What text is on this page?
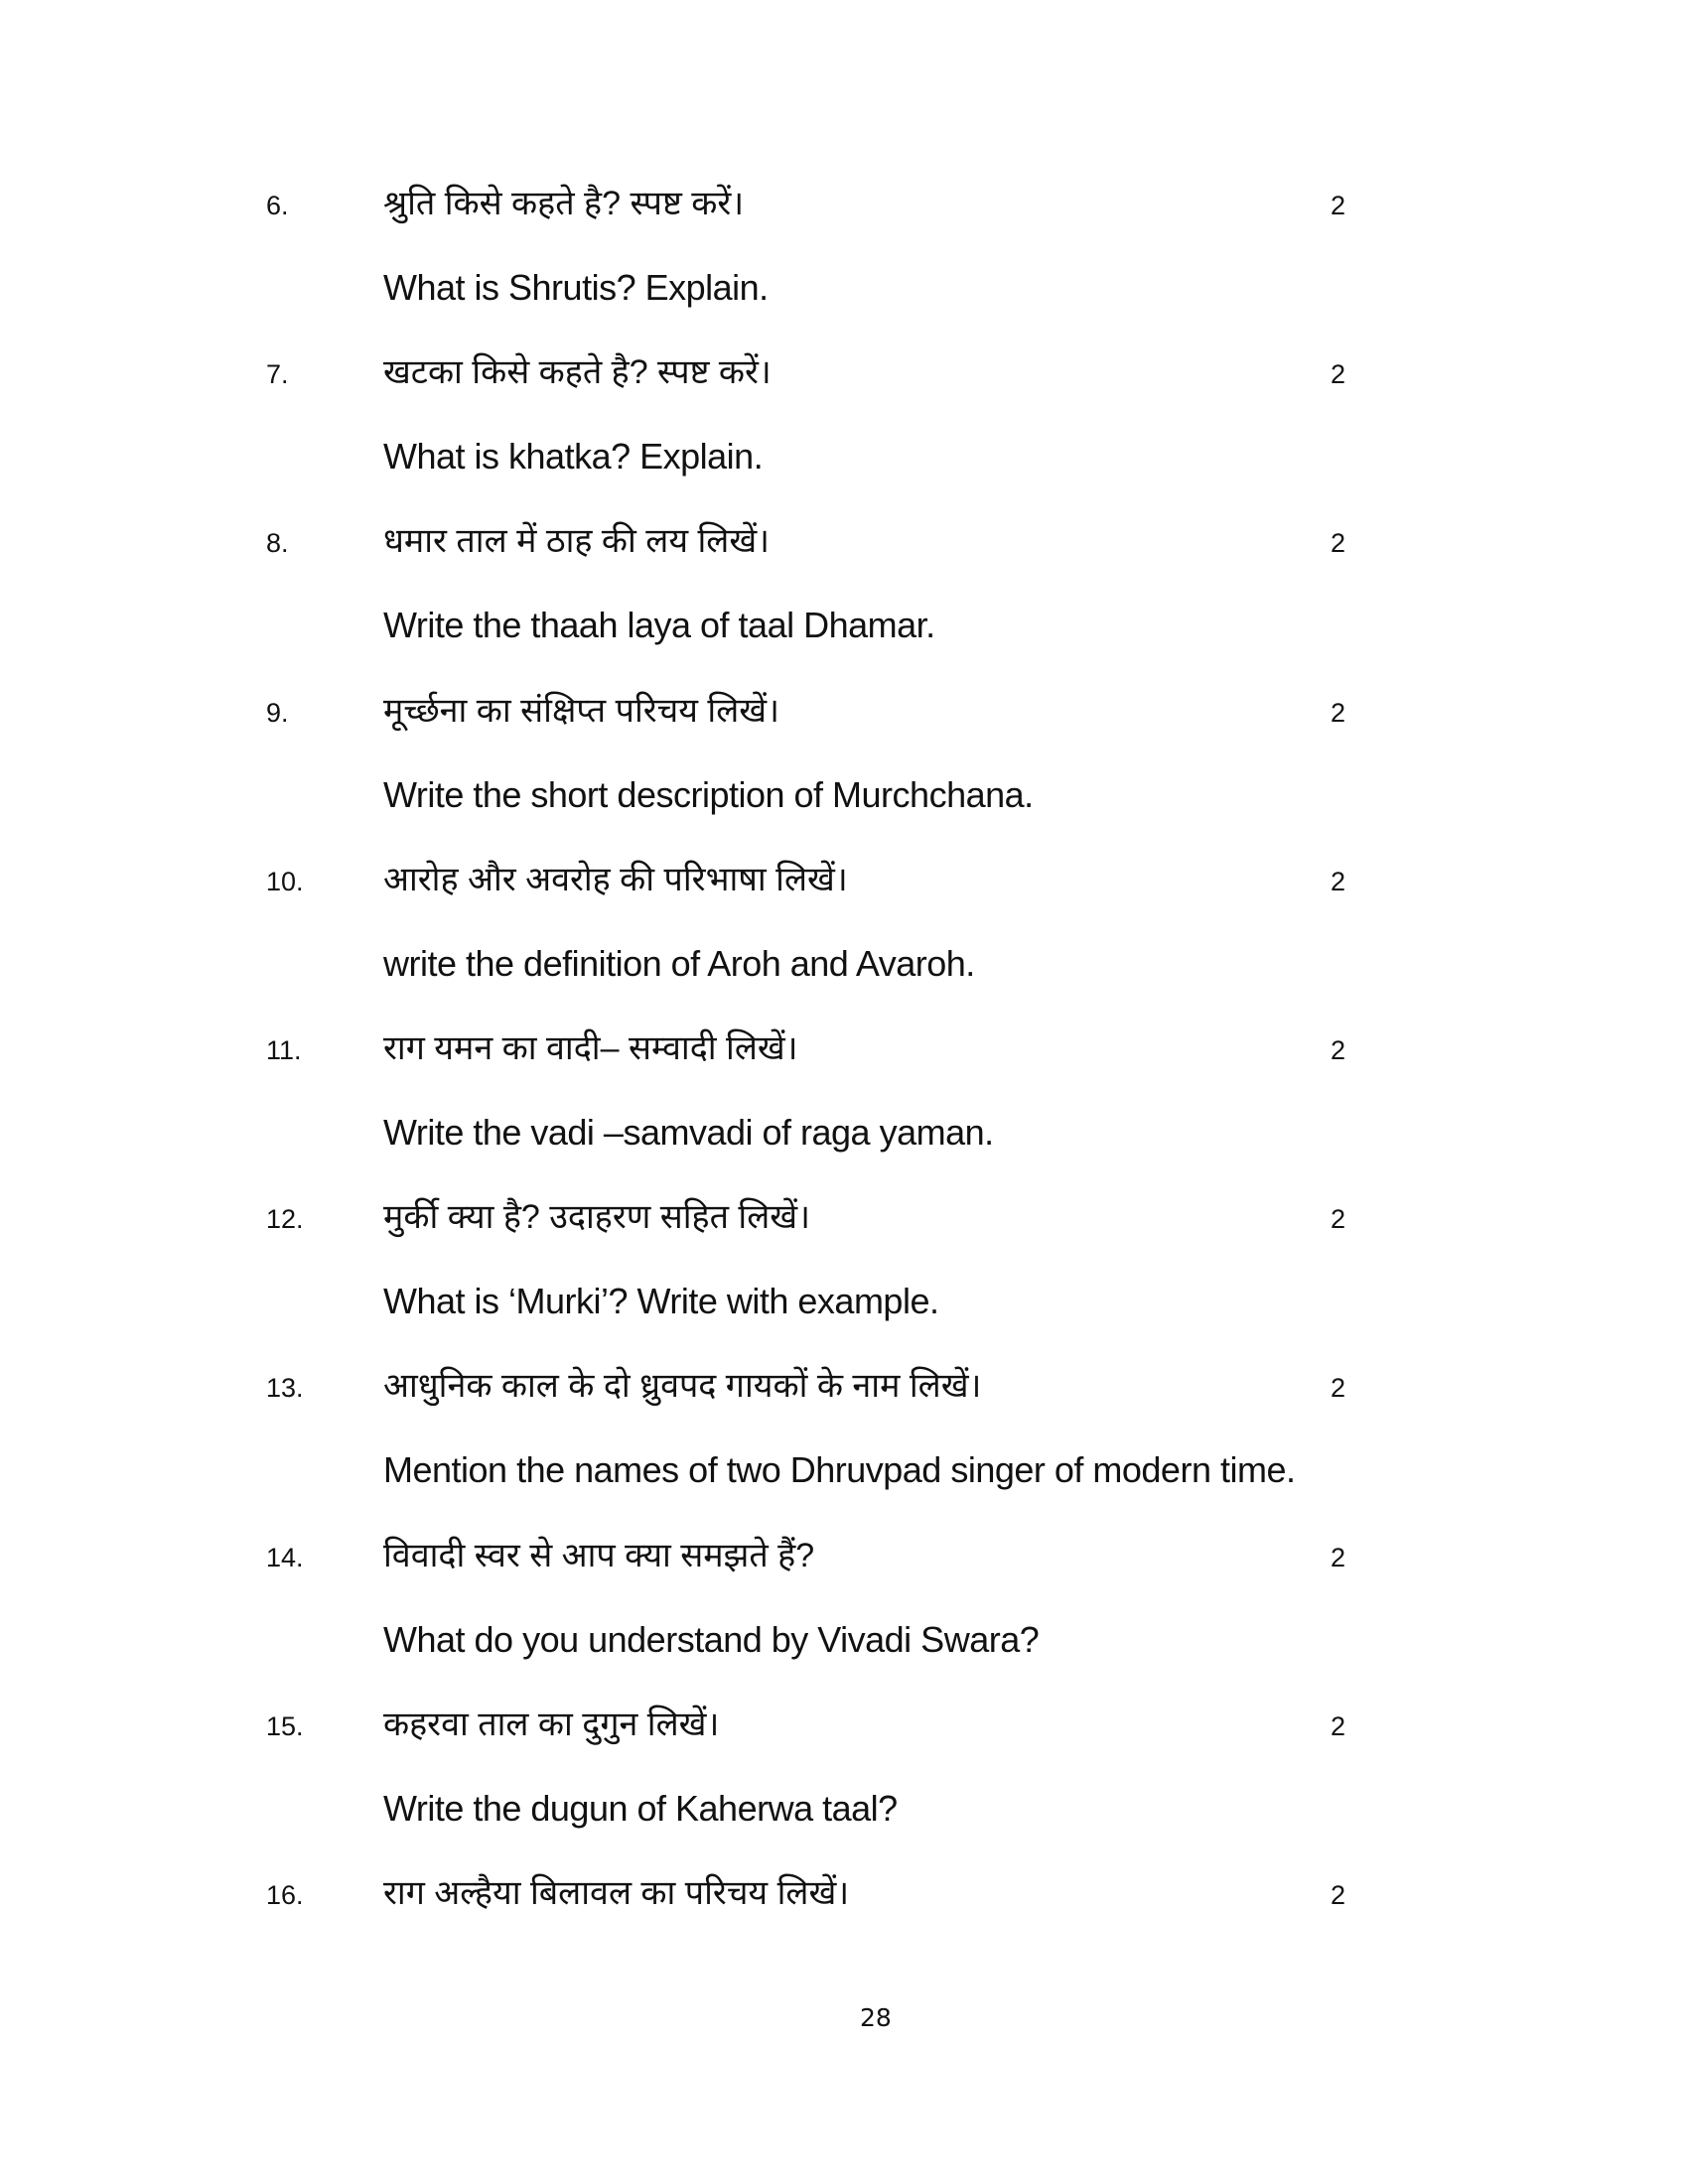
6.	श्रुति किसे कहते है? स्पष्ट करें।	2
What is Shrutis? Explain.
7.	खटका किसे कहते है? स्पष्ट करें।	2
What is khatka? Explain.
8.	धमार ताल में ठाह की लय लिखें।	2
Write the thaah laya of taal Dhamar.
9.	मूर्च्छना का संक्षिप्त परिचय लिखें।	2
Write the short description of Murchchana.
10. आरोह और अवरोह की परिभाषा लिखें।	2
write the definition of Aroh and Avaroh.
11. राग यमन का वादी– सम्वादी लिखें।	2
Write the vadi –samvadi of raga yaman.
12. मुर्की क्या है? उदाहरण सहित लिखें।	2
What is ‘Murki’? Write with example.
13. आधुनिक काल के दो ध्रुवपद गायकों के नाम लिखें।	2
Mention the names of two Dhruvpad singer of modern time.
14. विवादी स्वर से आप क्या समझते हैं?	2
What do you understand by Vivadi Swara?
15. कहरवा ताल का दुगुन लिखें।	2
Write the dugun of Kaherwa taal?
16. राग अल्हैया बिलावल का परिचय लिखें।	2
28
